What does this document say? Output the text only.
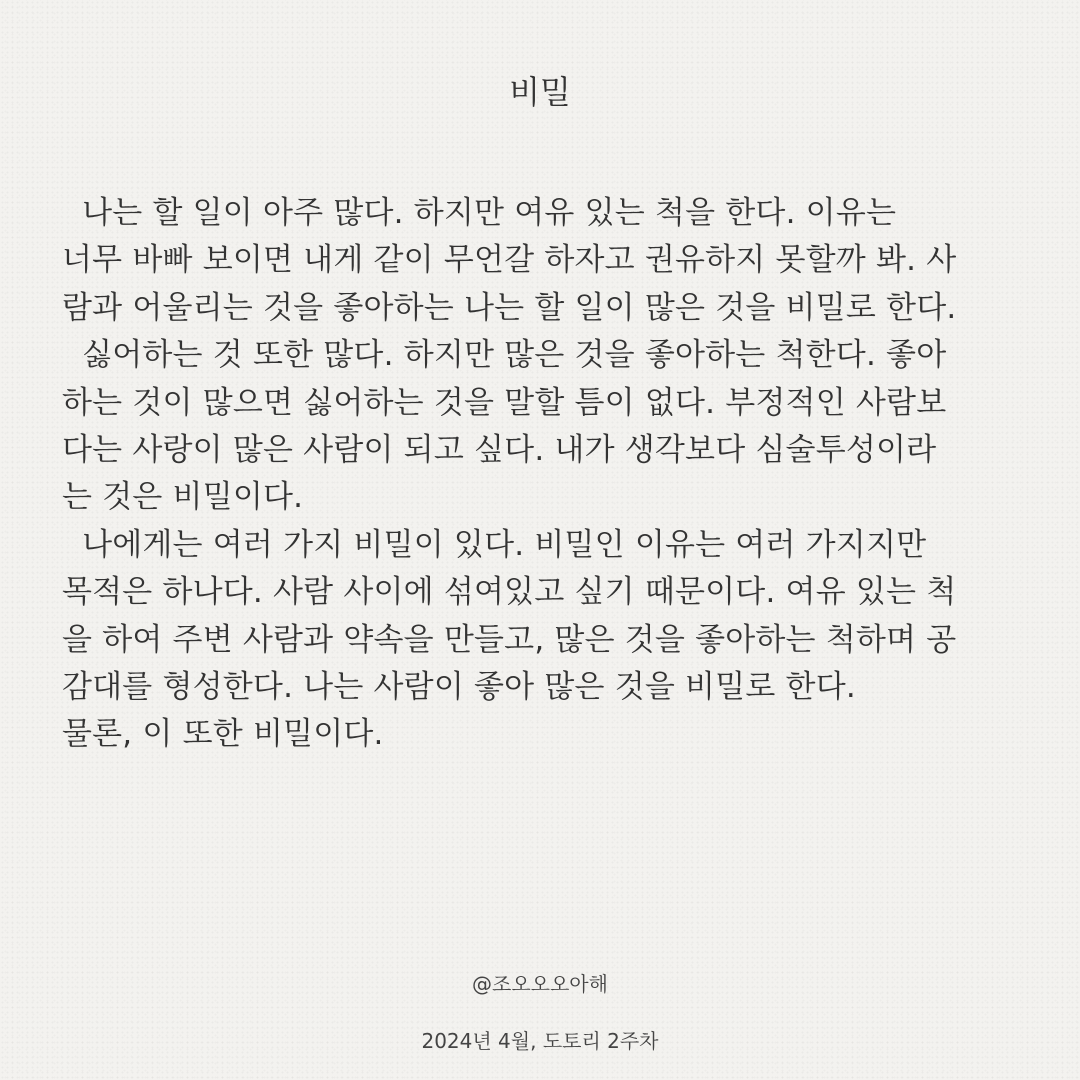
비밀
나는 할 일이 아주 많다. 하지만 여유 있는 척을 한다. 이유는
너무 바빠 보이면 내게 같이 무언갈 하자고 권유하지 못할까 봐. 사
람과 어울리는 것을 좋아하는 나는 할 일이 많은 것을 비밀로 한다.
싫어하는 것 또한 많다. 하지만 많은 것을 좋아하는 척한다. 좋아
하는 것이 많으면 싫어하는 것을 말할 틈이 없다. 부정적인 사람보
다는 사랑이 많은 사람이 되고 싶다. 내가 생각보다 심술투성이라
는 것은 비밀이다.
나에게는 여러 가지 비밀이 있다. 비밀인 이유는 여러 가지지만
목적은 하나다. 사람 사이에 섞여있고 싶기 때문이다. 여유 있는 척
을 하여 주변 사람과 약속을 만들고, 많은 것을 좋아하는 척하며 공
감대를 형성한다. 나는 사람이 좋아 많은 것을 비밀로 한다.
물론, 이 또한 비밀이다.
@조오오오아해
2024년 4월, 도토리 2주차
